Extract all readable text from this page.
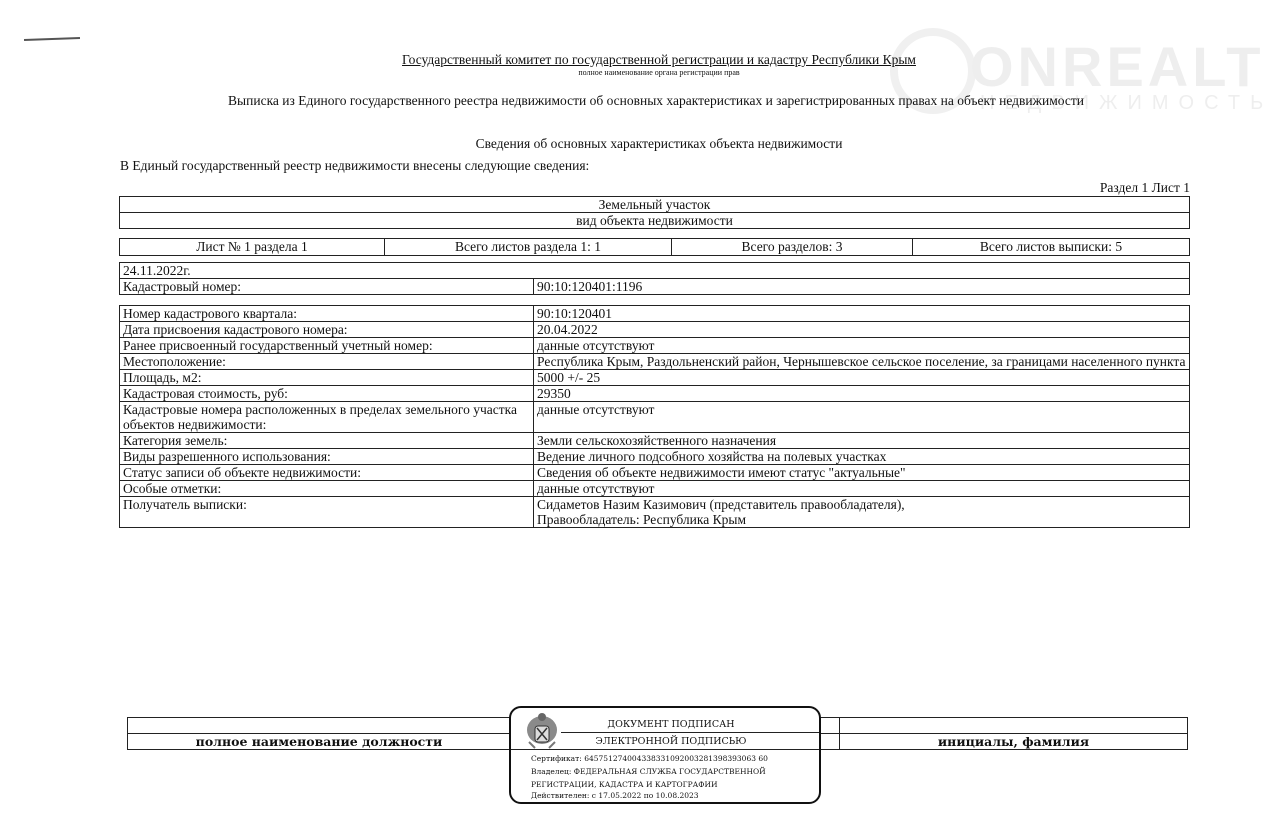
ONREALT
НЕДВИЖИМОСТЬ
Государственный комитет по государственной регистрации и кадастру Республики Крым
полное наименование органа регистрации прав
Выписка из Единого государственного реестра недвижимости об основных характеристиках и зарегистрированных правах на объект недвижимости
Сведения об основных характеристиках объекта недвижимости
В Единый государственный реестр недвижимости внесены следующие сведения:
Раздел 1 Лист 1
Земельный участок
вид объекта недвижимости
Лист № 1 раздела 1	Всего листов раздела 1: 1	Всего разделов: 3	Всего листов выписки: 5
24.11.2022г.
Кадастровый номер:	90:10:120401:1196
Номер кадастрового квартала:	90:10:120401
Дата присвоения кадастрового номера:	20.04.2022
Ранее присвоенный государственный учетный номер:	данные отсутствуют
Местоположение:	Республика Крым, Раздольненский район, Чернышевское сельское поселение, за границами населенного пункта
Площадь, м2:	5000 +/- 25
Кадастровая стоимость, руб:	29350
Кадастровые номера расположенных в пределах земельного участка объектов недвижимости:	данные отсутствуют
Категория земель:	Земли сельскохозяйственного назначения
Виды разрешенного использования:	Ведение личного подсобного хозяйства на полевых участках
Статус записи об объекте недвижимости:	Сведения об объекте недвижимости имеют статус "актуальные"
Особые отметки:	данные отсутствуют
Получатель выписки:	Сидаметов Назим Казимович (представитель правообладателя),
Правообладатель: Республика Крым

полное наименование должности		инициалы, фамилия
ДОКУМЕНТ ПОДПИСАН
ЭЛЕКТРОННОЙ ПОДПИСЬЮ
Сертификат: 645751274004338331092003281398393063 60
Владелец: ФЕДЕРАЛЬНАЯ СЛУЖБА ГОСУДАРСТВЕННОЙ
РЕГИСТРАЦИИ, КАДАСТРА И КАРТОГРАФИИ
Действителен: с 17.05.2022 по 10.08.2023
